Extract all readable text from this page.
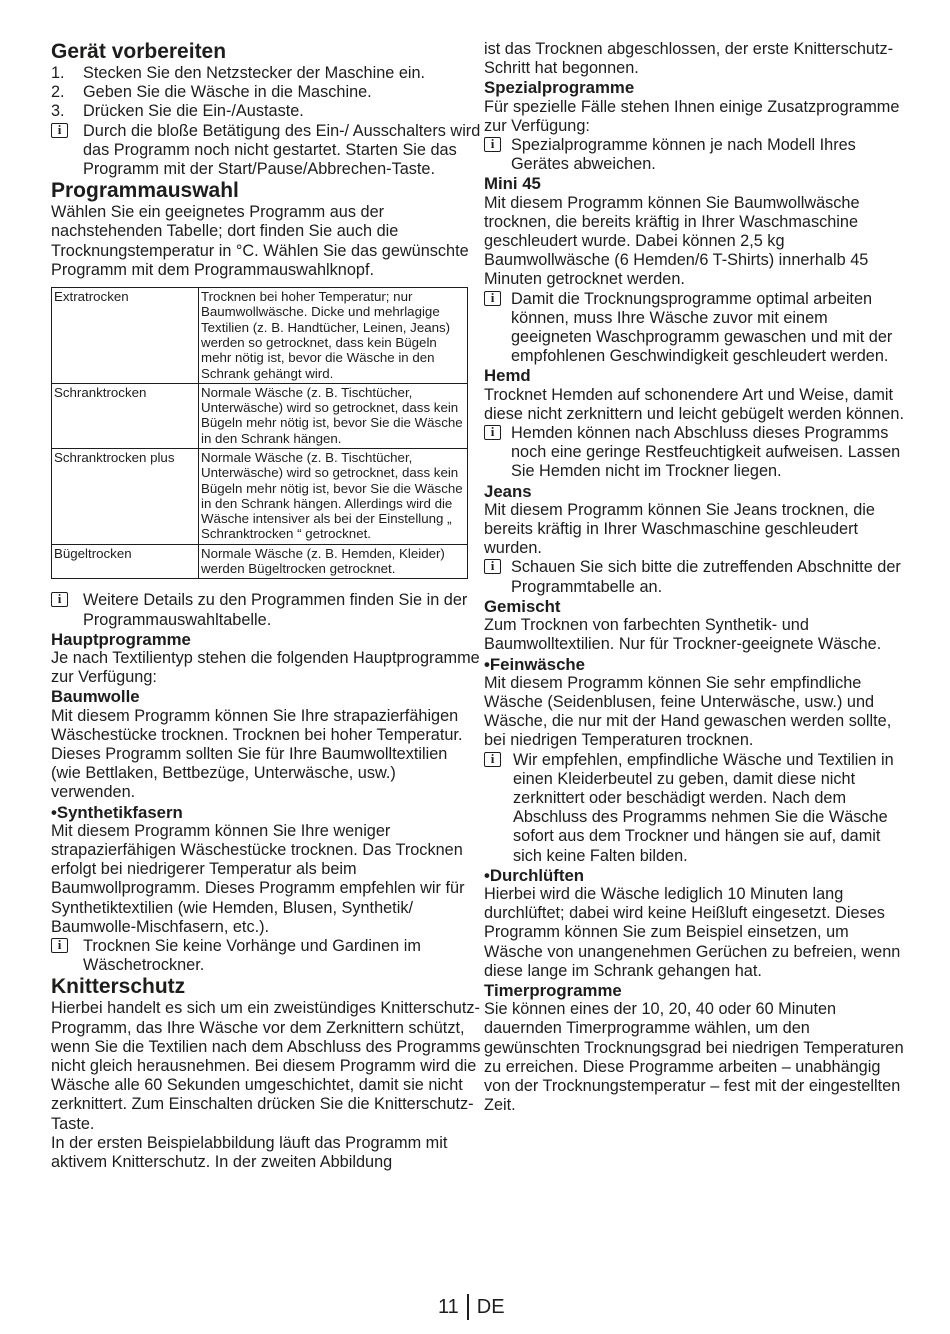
Gerät vorbereiten
1.	Stecken Sie den Netzstecker der Maschine ein.
2.	Geben Sie die Wäsche in die Maschine.
3.	Drücken Sie die Ein-/Austaste.
i
Durch die bloße Betätigung des Ein-/ Ausschalters wird das Programm noch nicht gestartet. Starten Sie das Programm mit der Start/Pause/Abbrechen-Taste.
Programmauswahl

Wählen Sie ein geeignetes Programm aus der nachstehenden Tabelle; dort finden Sie auch die Trocknungstemperatur in °C. Wählen Sie das gewünschte Programm mit dem Programmauswahlknopf.

Extratrocken	Trocknen bei hoher Temperatur; nur Baumwollwäsche. Dicke und mehrlagige Textilien (z. B. Handtücher, Leinen, Jeans) werden so getrocknet, dass kein Bügeln mehr nötig ist, bevor die Wäsche in den Schrank gehängt wird.
Schranktrocken	Normale Wäsche (z. B. Tischtücher, Unterwäsche) wird so getrocknet, dass kein Bügeln mehr nötig ist, bevor Sie die Wäsche in den Schrank hängen.
Schranktrocken plus	Normale Wäsche (z. B. Tischtücher, Unterwäsche) wird so getrocknet, dass kein Bügeln mehr nötig ist, bevor Sie die Wäsche in den Schrank hängen. Allerdings wird die Wäsche intensiver als bei der Einstellung „ Schranktrocken “ getrocknet.
Bügeltrocken	Normale Wäsche (z. B. Hemden, Kleider) werden Bügeltrocken getrocknet.
i
Weitere Details zu den Programmen finden Sie in der Programmauswahltabelle.
Hauptprogramme

Je nach Textilientyp stehen die folgenden Hauptprogramme zur Verfügung:

Baumwolle

Mit diesem Programm können Sie Ihre strapazierfähigen Wäschestücke trocknen. Trocknen bei hoher Temperatur. Dieses Programm sollten Sie für Ihre Baumwolltextilien (wie Bettlaken, Bettbezüge, Unterwäsche, usw.) verwenden.

•Synthetikfasern

Mit diesem Programm können Sie Ihre weniger strapazierfähigen Wäschestücke trocknen. Das Trocknen erfolgt bei niedrigerer Temperatur als beim Baumwollprogramm. Dieses Programm empfehlen wir für Synthetiktextilien (wie Hemden, Blusen, Synthetik/ Baumwolle-Mischfasern, etc.).

i
Trocknen Sie keine Vorhänge und Gardinen im Wäschetrockner.
Knitterschutz

Hierbei handelt es sich um ein zweistündiges Knitterschutz-Programm, das Ihre Wäsche vor dem Zerknittern schützt, wenn Sie die Textilien nach dem Abschluss des Programms nicht gleich herausnehmen. Bei diesem Programm wird die Wäsche alle 60 Sekunden umgeschichtet, damit sie nicht zerknittert. Zum Einschalten drücken Sie die Knitterschutz-Taste.

In der ersten Beispielabbildung läuft das Programm mit aktivem Knitterschutz. In der zweiten Abbildung

ist das Trocknen abgeschlossen, der erste Knitterschutz-Schritt hat begonnen.

Spezialprogramme

Für spezielle Fälle stehen Ihnen einige Zusatzprogramme zur Verfügung:

i
Spezialprogramme können je nach Modell Ihres Gerätes abweichen.
Mini 45

Mit diesem Programm können Sie Baumwollwäsche trocknen, die bereits kräftig in Ihrer Waschmaschine geschleudert wurde. Dabei können 2,5 kg Baumwollwäsche (6 Hemden/6 T-Shirts) innerhalb 45 Minuten getrocknet werden.

i
Damit die Trocknungsprogramme optimal arbeiten können, muss Ihre Wäsche zuvor mit einem geeigneten Waschprogramm gewaschen und mit der empfohlenen Geschwindigkeit geschleudert werden.
Hemd

Trocknet Hemden auf schonendere Art und Weise, damit diese nicht zerknittern und leicht gebügelt werden können.

i
Hemden können nach Abschluss dieses Programms noch eine geringe Restfeuchtigkeit aufweisen. Lassen Sie Hemden nicht im Trockner liegen.
Jeans

Mit diesem Programm können Sie Jeans trocknen, die bereits kräftig in Ihrer Waschmaschine geschleudert wurden.

i
Schauen Sie sich bitte die zutreffenden Abschnitte der Programmtabelle an.
Gemischt

Zum Trocknen von farbechten Synthetik- und Baumwolltextilien. Nur für Trockner-geeignete Wäsche.

•Feinwäsche

Mit diesem Programm können Sie sehr empfindliche Wäsche (Seidenblusen, feine Unterwäsche, usw.) und Wäsche, die nur mit der Hand gewaschen werden sollte, bei niedrigen Temperaturen trocknen.

i
Wir empfehlen, empfindliche Wäsche und Textilien in einen Kleiderbeutel zu geben, damit diese nicht zerknittert oder beschädigt werden. Nach dem Abschluss des Programms nehmen Sie die Wäsche sofort aus dem Trockner und hängen sie auf, damit sich keine Falten bilden.
•Durchlüften

Hierbei wird die Wäsche lediglich 10 Minuten lang durchlüftet; dabei wird keine Heißluft eingesetzt. Dieses Programm können Sie zum Beispiel einsetzen, um Wäsche von unangenehmen Gerüchen zu befreien, wenn diese lange im Schrank gehangen hat.

Timerprogramme

Sie können eines der 10, 20, 40 oder 60 Minuten dauernden Timerprogramme wählen, um den gewünschten Trocknungsgrad bei niedrigen Temperaturen zu erreichen. Diese Programme arbeiten – unabhängig von der Trocknungstemperatur – fest mit der eingestellten Zeit.

11 DE
